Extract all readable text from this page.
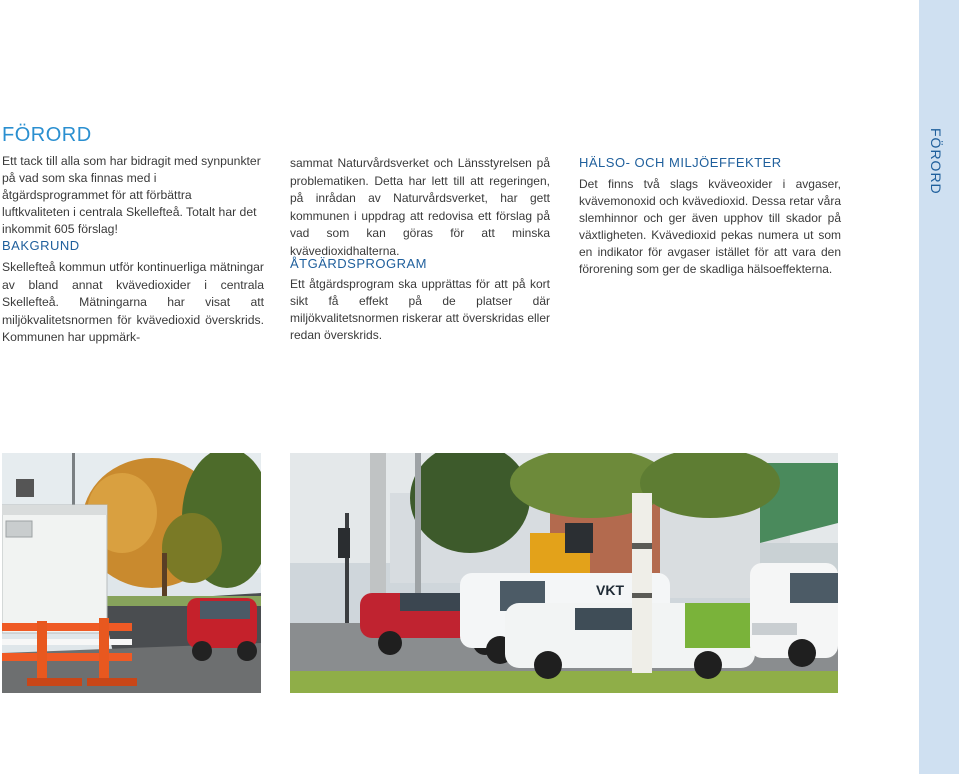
FÖRORD
FÖRORD

Ett tack till alla som har bidragit med synpunkter på vad som ska finnas med i åtgärdsprogrammet för att förbättra luftkvaliteten i centrala Skellefteå. Totalt har det inkommit 605 förslag!

BAKGRUND

Skellefteå kommun utför kontinuerliga mätningar av bland annat kvävedioxider i centrala Skellefteå. Mätningarna har visat att miljökvalitetsnormen för kvävedioxid överskrids. Kommunen har uppmärk-

sammat Naturvårdsverket och Länsstyrelsen på problematiken. Detta har lett till att regeringen, på inrådan av Naturvårdsverket, har gett kommunen i uppdrag att redovisa ett förslag på vad som kan göras för att minska kvävedioxidhalterna.

ÅTGÄRDSPROGRAM

Ett åtgärdsprogram ska upprättas för att på kort sikt få effekt på de platser där miljökvalitetsnormen riskerar att överskridas eller redan överskrids.

HÄLSO- OCH MILJÖEFFEKTER

Det finns två slags kväveoxider i avgaser, kvävemonoxid och kvävedioxid. Dessa retar våra slemhinnor och ger även upphov till skador på växtligheten. Kvävedioxid pekas numera ut som en indikator för avgaser istället för att vara den förorening som ger de skadliga hälsoeffekterna.

VKT
